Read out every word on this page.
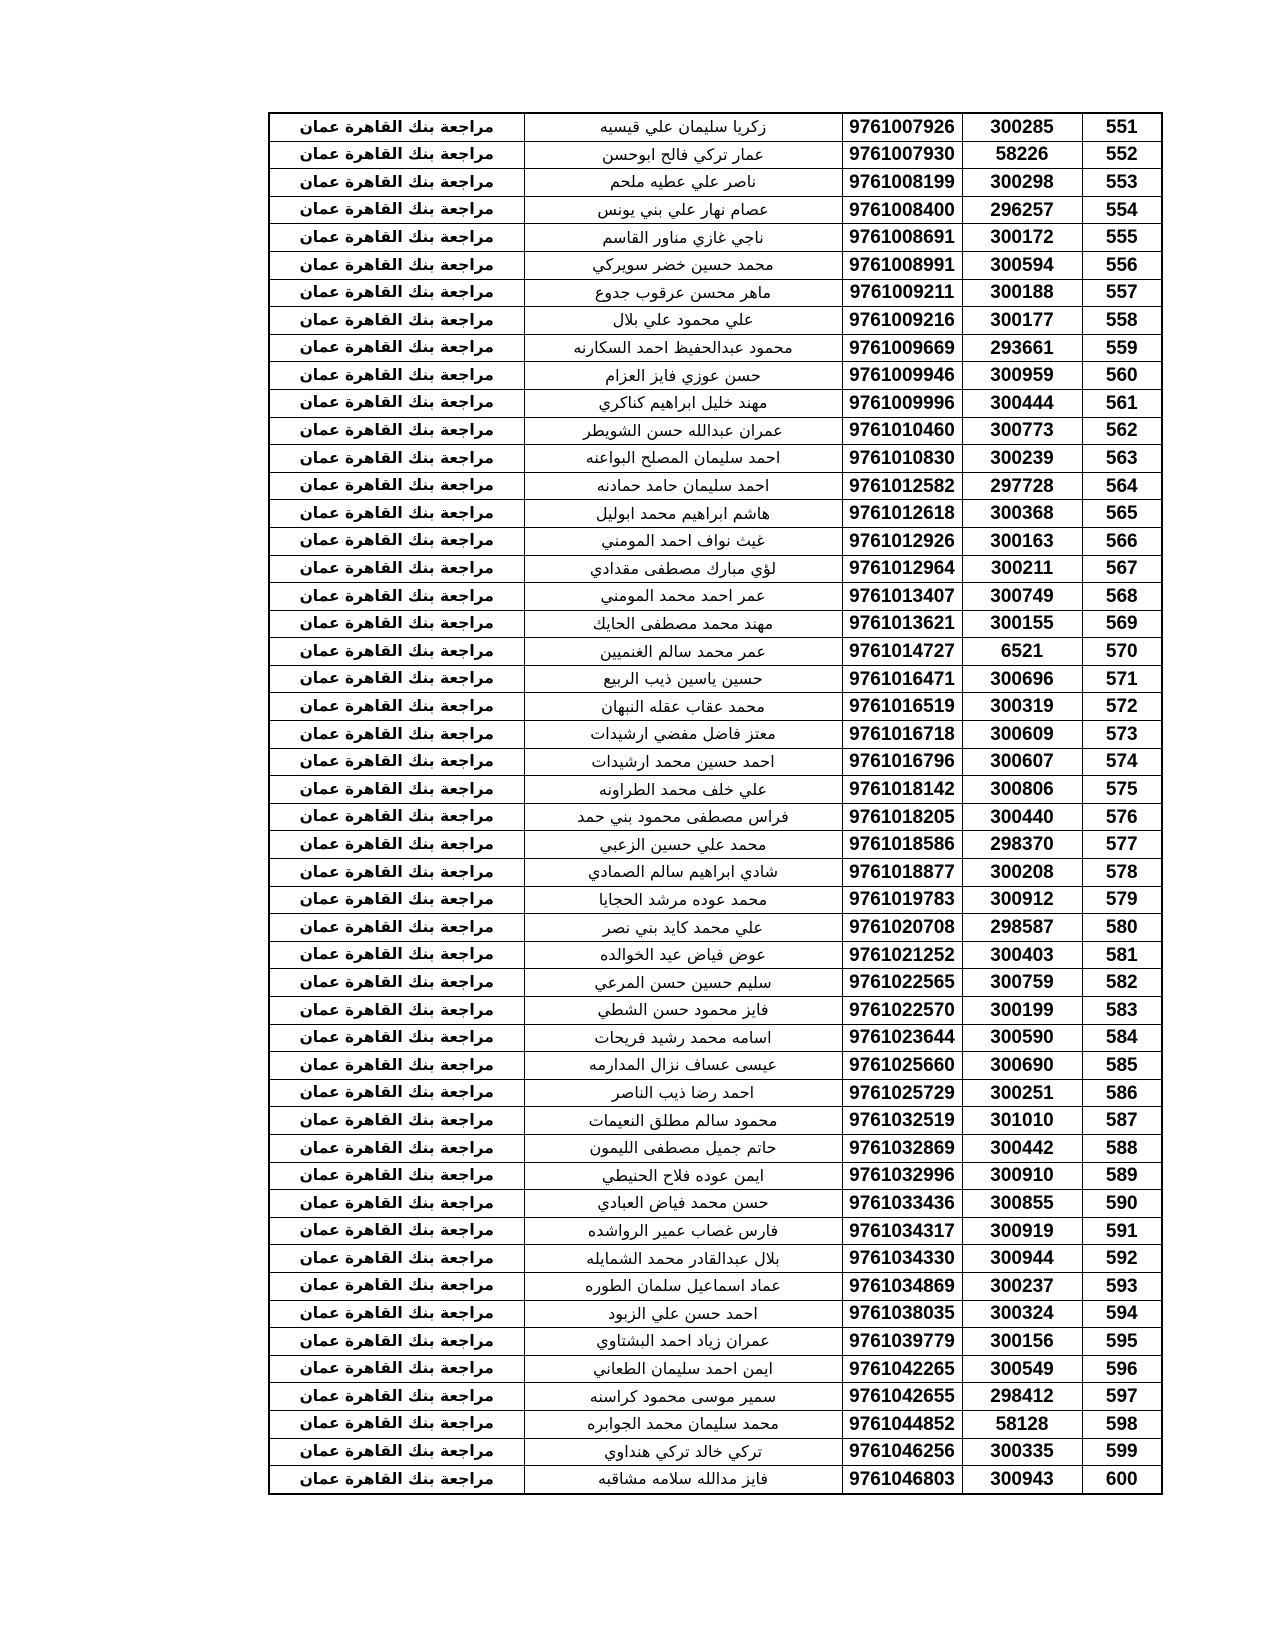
551	300285	9761007926	زكريا سليمان علي قيسيه	مراجعة بنك القاهرة عمان
552	58226	9761007930	عمار تركي فالح ابوحسن	مراجعة بنك القاهرة عمان
553	300298	9761008199	ناصر علي عطيه ملحم	مراجعة بنك القاهرة عمان
554	296257	9761008400	عصام نهار علي بني يونس	مراجعة بنك القاهرة عمان
555	300172	9761008691	ناجي غازي مناور القاسم	مراجعة بنك القاهرة عمان
556	300594	9761008991	محمد حسين خضر سويركي	مراجعة بنك القاهرة عمان
557	300188	9761009211	ماهر محسن عرقوب جدوع	مراجعة بنك القاهرة عمان
558	300177	9761009216	علي محمود علي بلال	مراجعة بنك القاهرة عمان
559	293661	9761009669	محمود عبدالحفيظ احمد السكارنه	مراجعة بنك القاهرة عمان
560	300959	9761009946	حسن عوزي فايز العزام	مراجعة بنك القاهرة عمان
561	300444	9761009996	مهند خليل ابراهيم كناكري	مراجعة بنك القاهرة عمان
562	300773	9761010460	عمران عبدالله حسن الشويطر	مراجعة بنك القاهرة عمان
563	300239	9761010830	احمد سليمان المصلح البواعنه	مراجعة بنك القاهرة عمان
564	297728	9761012582	احمد سليمان حامد حمادنه	مراجعة بنك القاهرة عمان
565	300368	9761012618	هاشم ابراهيم محمد ابوليل	مراجعة بنك القاهرة عمان
566	300163	9761012926	غيث نواف احمد المومني	مراجعة بنك القاهرة عمان
567	300211	9761012964	لؤي مبارك مصطفى مقدادي	مراجعة بنك القاهرة عمان
568	300749	9761013407	عمر احمد محمد المومني	مراجعة بنك القاهرة عمان
569	300155	9761013621	مهند محمد مصطفى الحايك	مراجعة بنك القاهرة عمان
570	6521	9761014727	عمر محمد سالم الغنميين	مراجعة بنك القاهرة عمان
571	300696	9761016471	حسين ياسين ذيب الربيع	مراجعة بنك القاهرة عمان
572	300319	9761016519	محمد عقاب عقله النبهان	مراجعة بنك القاهرة عمان
573	300609	9761016718	معتز فاضل مفضي ارشيدات	مراجعة بنك القاهرة عمان
574	300607	9761016796	احمد حسين محمد ارشيدات	مراجعة بنك القاهرة عمان
575	300806	9761018142	علي خلف محمد الطراونه	مراجعة بنك القاهرة عمان
576	300440	9761018205	فراس مصطفى محمود بني حمد	مراجعة بنك القاهرة عمان
577	298370	9761018586	محمد علي حسين الزعبي	مراجعة بنك القاهرة عمان
578	300208	9761018877	شادي ابراهيم سالم الصمادي	مراجعة بنك القاهرة عمان
579	300912	9761019783	محمد عوده مرشد الحجايا	مراجعة بنك القاهرة عمان
580	298587	9761020708	علي محمد كايد بني نصر	مراجعة بنك القاهرة عمان
581	300403	9761021252	عوض فياض عيد الخوالده	مراجعة بنك القاهرة عمان
582	300759	9761022565	سليم حسين حسن المرعي	مراجعة بنك القاهرة عمان
583	300199	9761022570	فايز محمود حسن الشطي	مراجعة بنك القاهرة عمان
584	300590	9761023644	اسامه محمد رشيد فريحات	مراجعة بنك القاهرة عمان
585	300690	9761025660	عيسى عساف نزال المدارمه	مراجعة بنك القاهرة عمان
586	300251	9761025729	احمد رضا ذيب الناصر	مراجعة بنك القاهرة عمان
587	301010	9761032519	محمود سالم مطلق النعيمات	مراجعة بنك القاهرة عمان
588	300442	9761032869	حاتم جميل مصطفى الليمون	مراجعة بنك القاهرة عمان
589	300910	9761032996	ايمن عوده فلاح الحنيطي	مراجعة بنك القاهرة عمان
590	300855	9761033436	حسن محمد فياض العبادي	مراجعة بنك القاهرة عمان
591	300919	9761034317	فارس غصاب عمير الرواشده	مراجعة بنك القاهرة عمان
592	300944	9761034330	بلال عبدالقادر محمد الشمايله	مراجعة بنك القاهرة عمان
593	300237	9761034869	عماد اسماعيل سلمان الطوره	مراجعة بنك القاهرة عمان
594	300324	9761038035	احمد حسن علي الزبود	مراجعة بنك القاهرة عمان
595	300156	9761039779	عمران زياد احمد البشتاوي	مراجعة بنك القاهرة عمان
596	300549	9761042265	ايمن احمد سليمان الطعاني	مراجعة بنك القاهرة عمان
597	298412	9761042655	سمير موسى محمود كراسنه	مراجعة بنك القاهرة عمان
598	58128	9761044852	محمد سليمان محمد الجوابره	مراجعة بنك القاهرة عمان
599	300335	9761046256	تركي خالد تركي هنداوي	مراجعة بنك القاهرة عمان
600	300943	9761046803	فايز مدالله سلامه مشاقبه	مراجعة بنك القاهرة عمان
